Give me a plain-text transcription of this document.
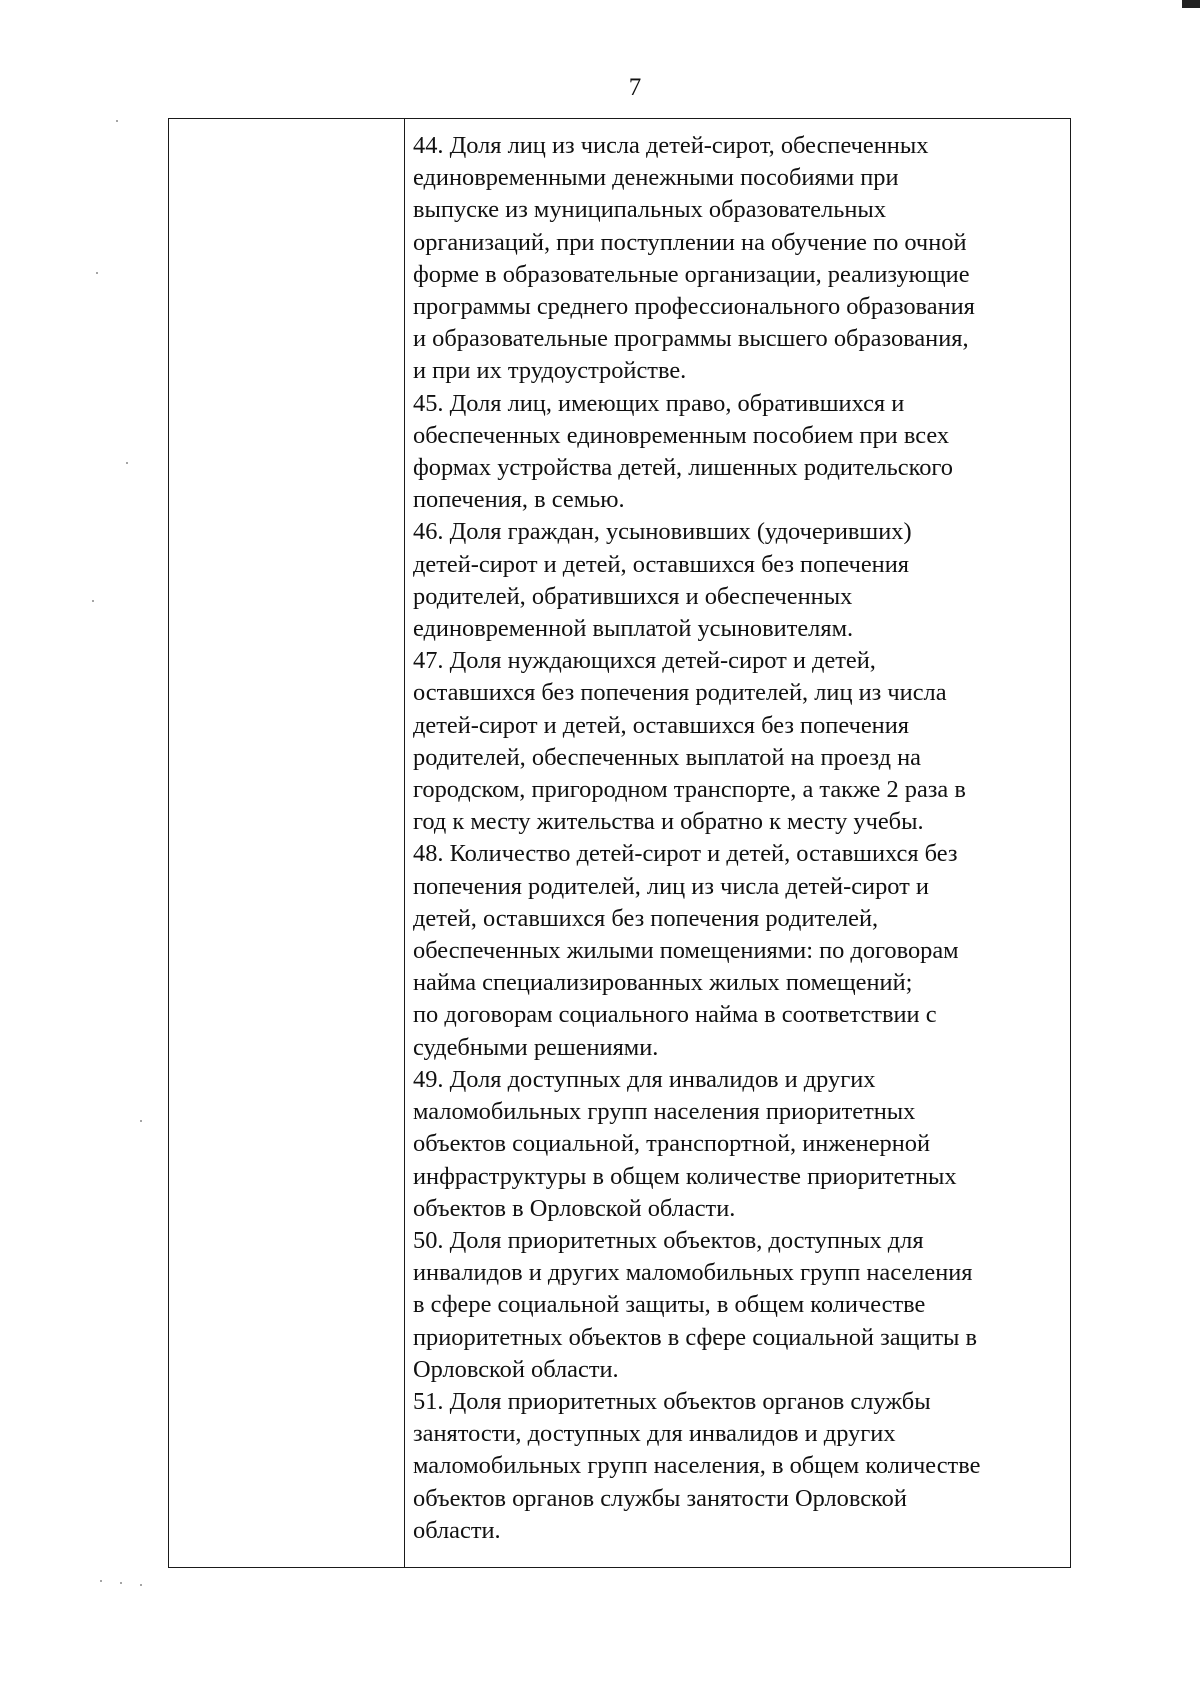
7

44. Доля лиц из числа детей-сирот, обеспеченных
единовременными денежными пособиями при
выпуске из муниципальных образовательных
организаций, при поступлении на обучение по очной
форме в образовательные организации, реализующие
программы среднего профессионального образования
и образовательные программы высшего образования,
и при их трудоустройстве.

45. Доля лиц, имеющих право, обратившихся и
обеспеченных единовременным пособием при всех
формах устройства детей, лишенных родительского
попечения, в семью.

46. Доля граждан, усыновивших (удочеривших)
детей-сирот и детей, оставшихся без попечения
родителей, обратившихся и обеспеченных
единовременной выплатой усыновителям.

47. Доля нуждающихся детей-сирот и детей,
оставшихся без попечения родителей, лиц из числа
детей-сирот и детей, оставшихся без попечения
родителей, обеспеченных выплатой на проезд на
городском, пригородном транспорте, а также 2 раза в
год к месту жительства и обратно к месту учебы.

48. Количество детей-сирот и детей, оставшихся без
попечения родителей, лиц из числа детей-сирот и
детей, оставшихся без попечения родителей,
обеспеченных жилыми помещениями: по договорам
найма специализированных жилых помещений;
по договорам социального найма в соответствии с
судебными решениями.

49. Доля доступных для инвалидов и других
маломобильных групп населения приоритетных
объектов социальной, транспортной, инженерной
инфраструктуры в общем количестве приоритетных
объектов в Орловской области.

50. Доля приоритетных объектов, доступных для
инвалидов и других маломобильных групп населения
в сфере социальной защиты, в общем количестве
приоритетных объектов в сфере социальной защиты в
Орловской области.

51. Доля приоритетных объектов органов службы
занятости, доступных для инвалидов и других
маломобильных групп населения, в общем количестве
объектов органов службы занятости Орловской
области.
